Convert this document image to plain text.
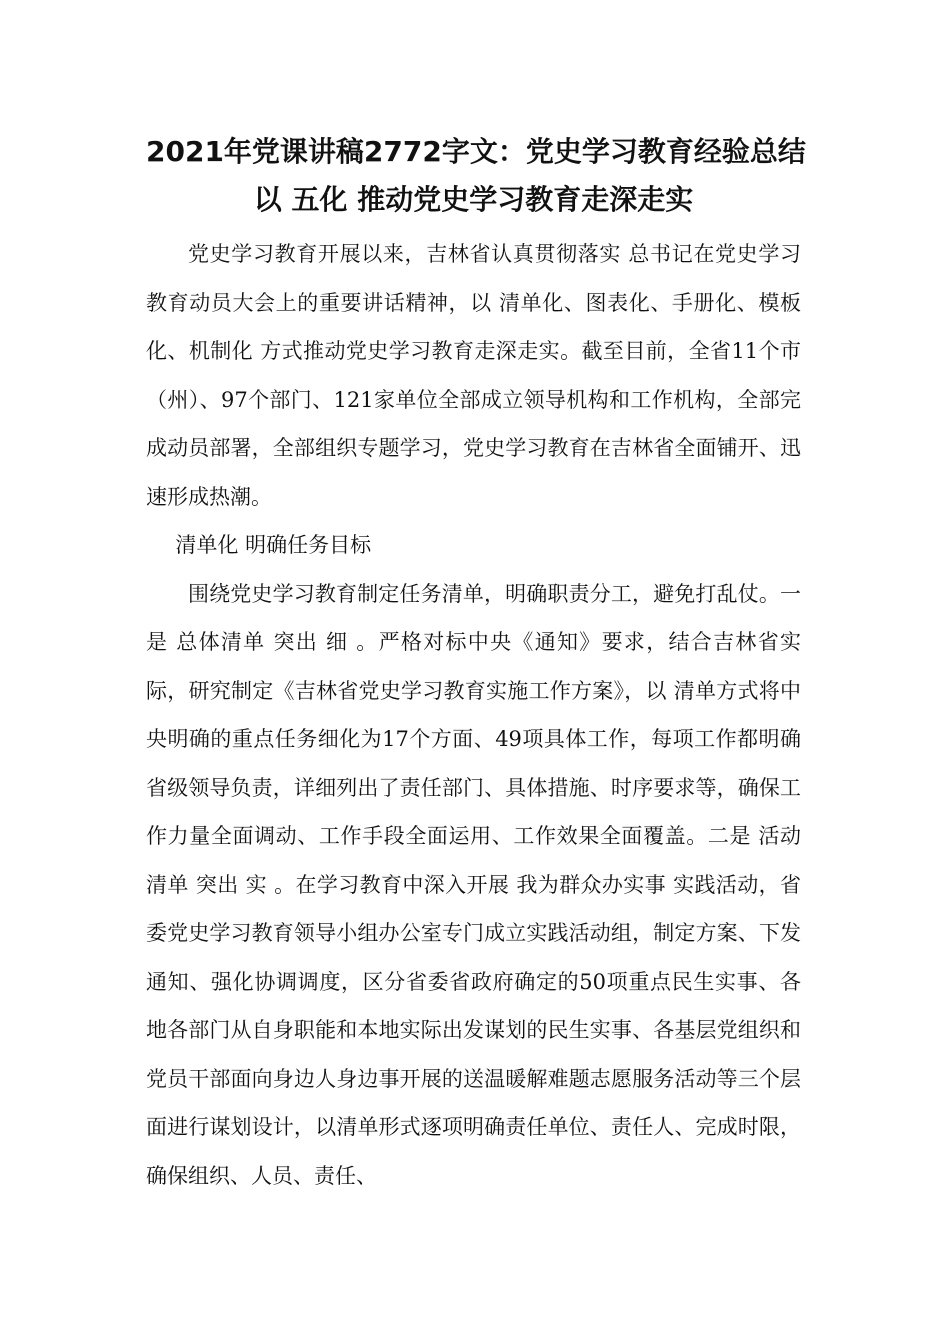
2021年党课讲稿2772字文：党史学习教育经验总结
以 五化 推动党史学习教育走深走实

党史学习教育开展以来，吉林省认真贯彻落实 总书记在党史学习教育动员大会上的重要讲话精神，以 清单化、图表化、手册化、模板化、机制化 方式推动党史学习教育走深走实。截至目前，全省11个市（州）、97个部门、121家单位全部成立领导机构和工作机构，全部完成动员部署，全部组织专题学习，党史学习教育在吉林省全面铺开、迅速形成热潮。

清单化 明确任务目标

围绕党史学习教育制定任务清单，明确职责分工，避免打乱仗。一是 总体清单 突出 细 。严格对标中央《通知》要求，结合吉林省实际，研究制定《吉林省党史学习教育实施工作方案》，以 清单方式将中央明确的重点任务细化为17个方面、49项具体工作，每项工作都明确省级领导负责，详细列出了责任部门、具体措施、时序要求等，确保工作力量全面调动、工作手段全面运用、工作效果全面覆盖。二是 活动清单 突出 实 。在学习教育中深入开展 我为群众办实事 实践活动，省委党史学习教育领导小组办公室专门成立实践活动组，制定方案、下发通知、强化协调调度，区分省委省政府确定的50项重点民生实事、各地各部门从自身职能和本地实际出发谋划的民生实事、各基层党组织和党员干部面向身边人身边事开展的送温暖解难题志愿服务活动等三个层面进行谋划设计，以清单形式逐项明确责任单位、责任人、完成时限，确保组织、人员、责任、
